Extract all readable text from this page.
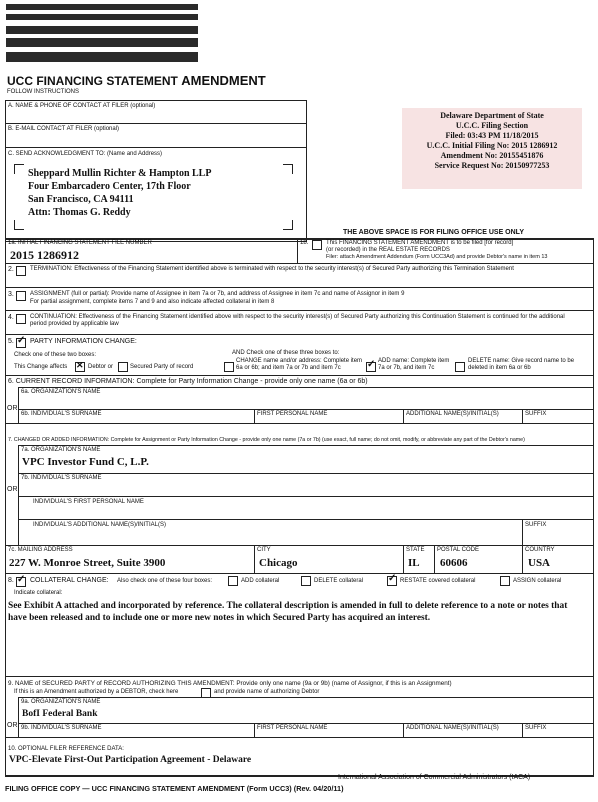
UCC FINANCING STATEMENT AMENDMENT
FOLLOW INSTRUCTIONS
A. NAME & PHONE OF CONTACT AT FILER (optional)
B. E-MAIL CONTACT AT FILER (optional)
C. SEND ACKNOWLEDGMENT TO: (Name and Address)
Sheppard Mullin Richter & Hampton LLP
Four Embarcadero Center, 17th Floor
San Francisco, CA 94111
Attn: Thomas G. Reddy
Delaware Department of State
U.C.C. Filing Section
Filed: 03:43 PM 11/18/2015
U.C.C. Initial Filing No: 2015 1286912
Amendment No: 20155451876
Service Request No: 20150977253
THE ABOVE SPACE IS FOR FILING OFFICE USE ONLY
1a. INITIAL FINANCING STATEMENT FILE NUMBER
2015 1286912
1b.	This FINANCING STATEMENT AMENDMENT is to be filed [for record]
(or recorded) in the REAL ESTATE RECORDS
Filer: attach Amendment Addendum (Form UCC3Ad) and provide Debtor's name in item 13
2.	TERMINATION: Effectiveness of the Financing Statement identified above is terminated with respect to the security interest(s) of Secured Party authorizing this Termination Statement
3.	ASSIGNMENT (full or partial): Provide name of Assignee in item 7a or 7b, and address of Assignee in item 7c and name of Assignor in item 9
For partial assignment, complete items 7 and 9 and also indicate affected collateral in item 8
4.	CONTINUATION: Effectiveness of the Financing Statement identified above with respect to the security interest(s) of Secured Party authorizing this Continuation Statement is continued for the additional period provided by applicable law
5. ✓ PARTY INFORMATION CHANGE:
Check one of these two boxes:	AND Check one of these three boxes to:
This Change affects ✕	Debtor or	Secured Party of record
CHANGE name and/or address: Complete item 6a or 6b; and item 7a or 7b and item 7c
✓
ADD name: Complete item 7a or 7b, and item 7c
DELETE name: Give record name to be deleted in item 6a or 6b
6. CURRENT RECORD INFORMATION: Complete for Party Information Change - provide only one name (6a or 6b)
6a. ORGANIZATION'S NAME
OR
6b. INDIVIDUAL'S SURNAME	FIRST PERSONAL NAME	ADDITIONAL NAME(S)/INITIAL(S)	SUFFIX
7. CHANGED OR ADDED INFORMATION: Complete for Assignment or Party Information Change - provide only one name (7a or 7b) (use exact, full name; do not omit, modify, or abbreviate any part of the Debtor's name)
7a. ORGANIZATION'S NAME
VPC Investor Fund C, L.P.
7b. INDIVIDUAL'S SURNAME
OR
INDIVIDUAL'S FIRST PERSONAL NAME
INDIVIDUAL'S ADDITIONAL NAME(S)/INITIAL(S)	SUFFIX
7c. MAILING ADDRESS
227 W. Monroe Street, Suite 3900
CITY
Chicago
STATE
IL
POSTAL CODE
60606
COUNTRY
USA
8. ✓ COLLATERAL CHANGE: Also check one of these four boxes:	ADD collateral	DELETE collateral ✓	RESTATE covered collateral	ASSIGN collateral
Indicate collateral:
See Exhibit A attached and incorporated by reference. The collateral description is amended in full to delete reference to a note or notes that have been released and to include one or more new notes in which Secured Party has acquired an interest.
9. NAME of SECURED PARTY of RECORD AUTHORIZING THIS AMENDMENT: Provide only one name (9a or 9b) (name of Assignor, if this is an Assignment)
If this is an Amendment authorized by a DEBTOR, check here	and provide name of authorizing Debtor
9a. ORGANIZATION'S NAME
BofI Federal Bank
OR 9b. INDIVIDUAL'S SURNAME	FIRST PERSONAL NAME	ADDITIONAL NAME(S)/INITIAL(S)	SUFFIX
10. OPTIONAL FILER REFERENCE DATA:
VPC-Elevate First-Out Participation Agreement - Delaware
International Association of Commercial Administrators (IACA)
FILING OFFICE COPY — UCC FINANCING STATEMENT AMENDMENT (Form UCC3) (Rev. 04/20/11)
